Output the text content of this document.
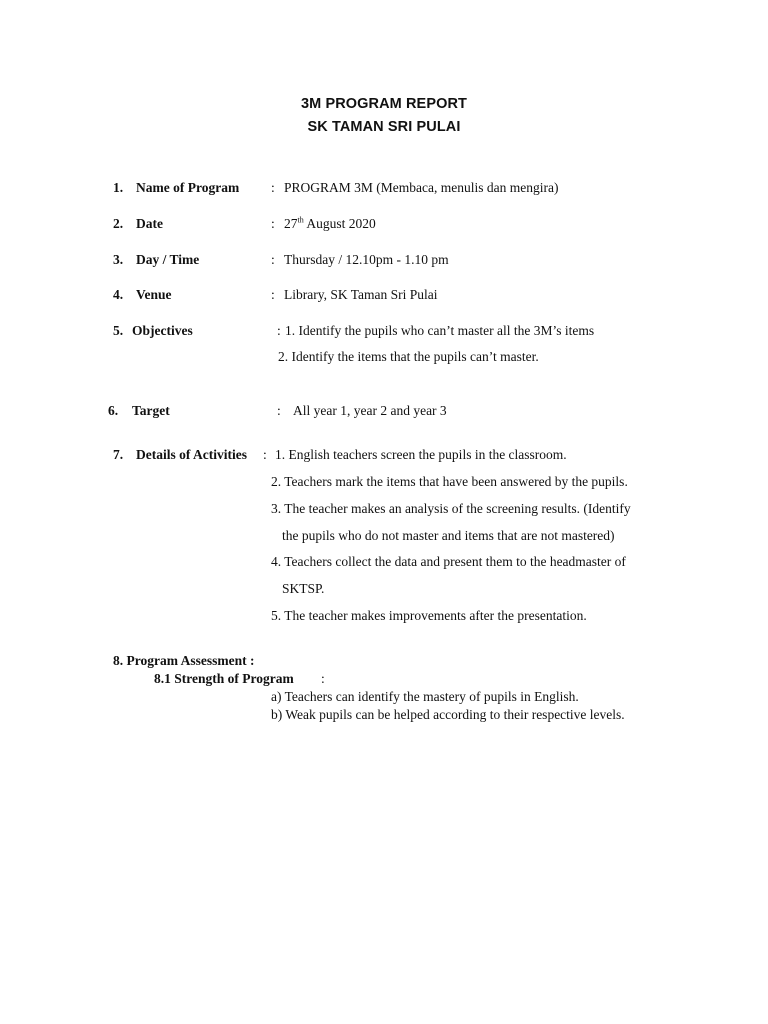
3M PROGRAM REPORT
SK TAMAN SRI PULAI
1. Name of Program : PROGRAM 3M (Membaca, menulis dan mengira)
2. Date	: 27th August 2020
3. Day / Time	: Thursday / 12.10pm - 1.10 pm
4. Venue	: Library, SK Taman Sri Pulai
5. Objectives	: 1. Identify the pupils who can’t master all the 3M’s items
2. Identify the items that the pupils can’t master.
6. Target	: All year 1, year 2 and year 3
7. Details of Activities : 1. English teachers screen the pupils in the classroom.
2. Teachers mark the items that have been answered by the pupils.
3. The teacher makes an analysis of the screening results. (Identify
the pupils who do not master and items that are not mastered)
4. Teachers collect the data and present them to the headmaster of
SKTSP.
5. The teacher makes improvements after the presentation.
8. Program Assessment :
8.1 Strength of Program :
a) Teachers can identify the mastery of pupils in English.
b) Weak pupils can be helped according to their respective levels.
